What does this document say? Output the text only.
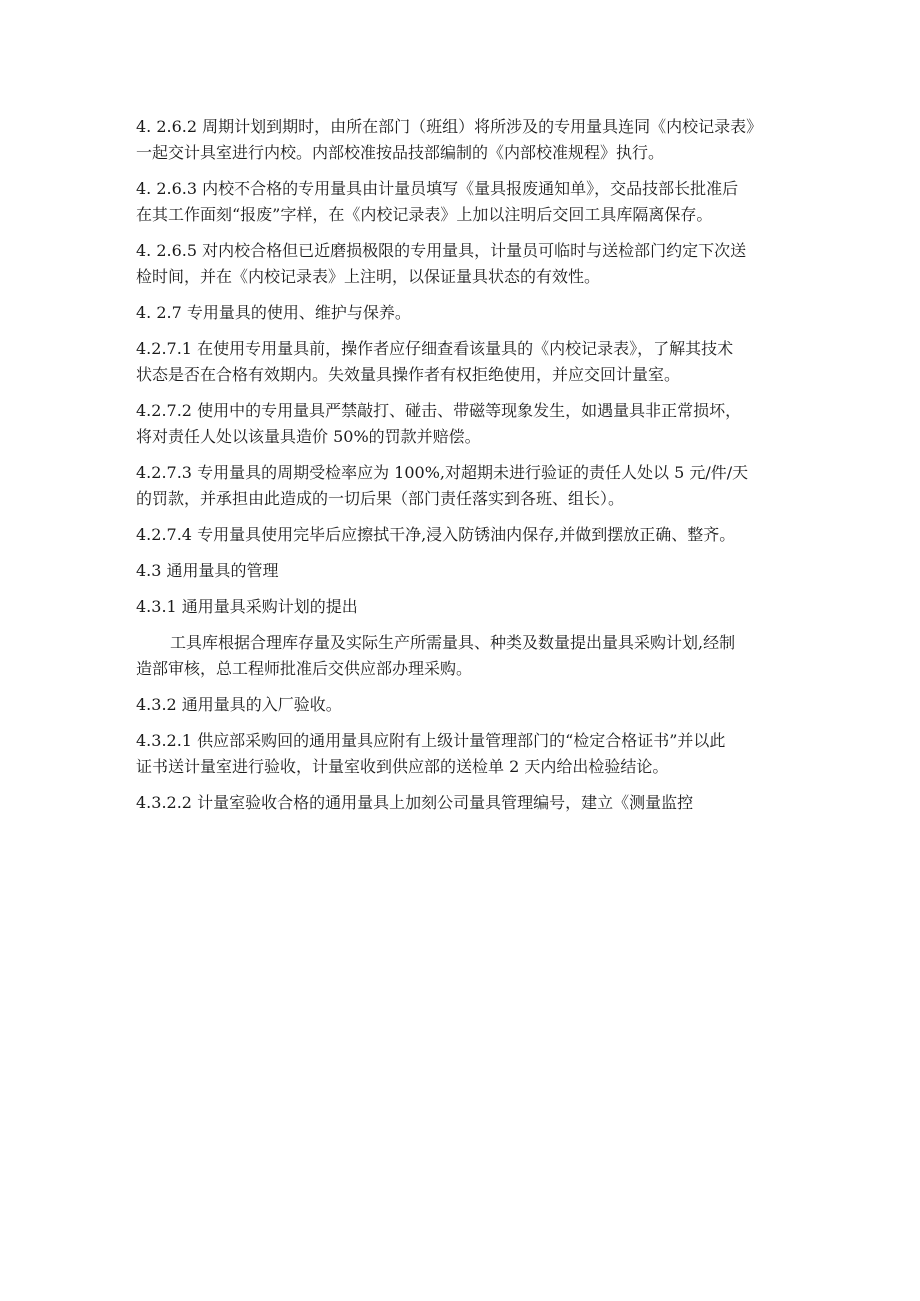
4. 2.6.2 周期计划到期时，由所在部门（班组）将所涉及的专用量具连同《内校记录表》
一起交计具室进行内校。内部校准按品技部编制的《内部校准规程》执行。

4. 2.6.3 内校不合格的专用量具由计量员填写《量具报废通知单》，交品技部长批准后
在其工作面刻“报废”字样，在《内校记录表》上加以注明后交回工具库隔离保存。

4. 2.6.5 对内校合格但已近磨损极限的专用量具，计量员可临时与送检部门约定下次送
检时间，并在《内校记录表》上注明，以保证量具状态的有效性。

4. 2.7 专用量具的使用、维护与保养。

4.2.7.1 在使用专用量具前，操作者应仔细查看该量具的《内校记录表》，了解其技术
状态是否在合格有效期内。失效量具操作者有权拒绝使用，并应交回计量室。

4.2.7.2 使用中的专用量具严禁敲打、碰击、带磁等现象发生，如遇量具非正常损坏，
将对责任人处以该量具造价 50%的罚款并赔偿。

4.2.7.3 专用量具的周期受检率应为 100%,对超期未进行验证的责任人处以 5 元/件/天
的罚款，并承担由此造成的一切后果（部门责任落实到各班、组长）。

4.2.7.4 专用量具使用完毕后应擦拭干净,浸入防锈油内保存,并做到摆放正确、整齐。

4.3 通用量具的管理

4.3.1 通用量具采购计划的提出

工具库根据合理库存量及实际生产所需量具、种类及数量提出量具采购计划,经制
造部审核，总工程师批准后交供应部办理采购。

4.3.2 通用量具的入厂验收。

4.3.2.1 供应部采购回的通用量具应附有上级计量管理部门的“检定合格证书”并以此
证书送计量室进行验收，计量室收到供应部的送检单 2 天内给出检验结论。

4.3.2.2 计量室验收合格的通用量具上加刻公司量具管理编号，建立《测量监控
